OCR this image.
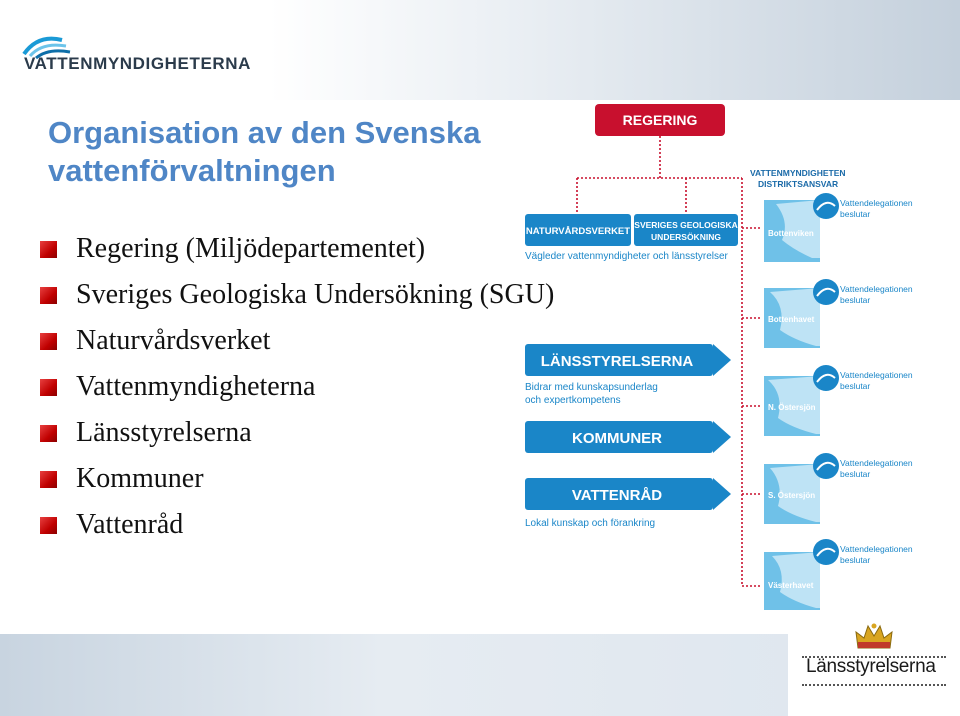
VATTENMYNDIGHETERNA
Organisation av den Svenska
vattenförvaltningen
Regering (Miljödepartementet)
Sveriges Geologiska Undersökning (SGU)
Naturvårdsverket
Vattenmyndigheterna
Länsstyrelserna
Kommuner
Vattenråd
REGERING
NATURVÅRDSVERKET
SVERIGES GEOLOGISKA
UNDERSÖKNING
Vägleder vattenmyndigheter och länsstyrelser
LÄNSSTYRELSERNA
Bidrar med kunskapsunderlag
och expertkompetens
KOMMUNER
VATTENRÅD
Lokal kunskap och förankring
VATTENMYNDIGHETEN
DISTRIKTSANSVAR
Bottenviken
Vattendelegationen
beslutar
Bottenhavet
Vattendelegationen
beslutar
N. Östersjön
Vattendelegationen
beslutar
S. Östersjön
Vattendelegationen
beslutar
Västerhavet
Vattendelegationen
beslutar
Länsstyrelserna
